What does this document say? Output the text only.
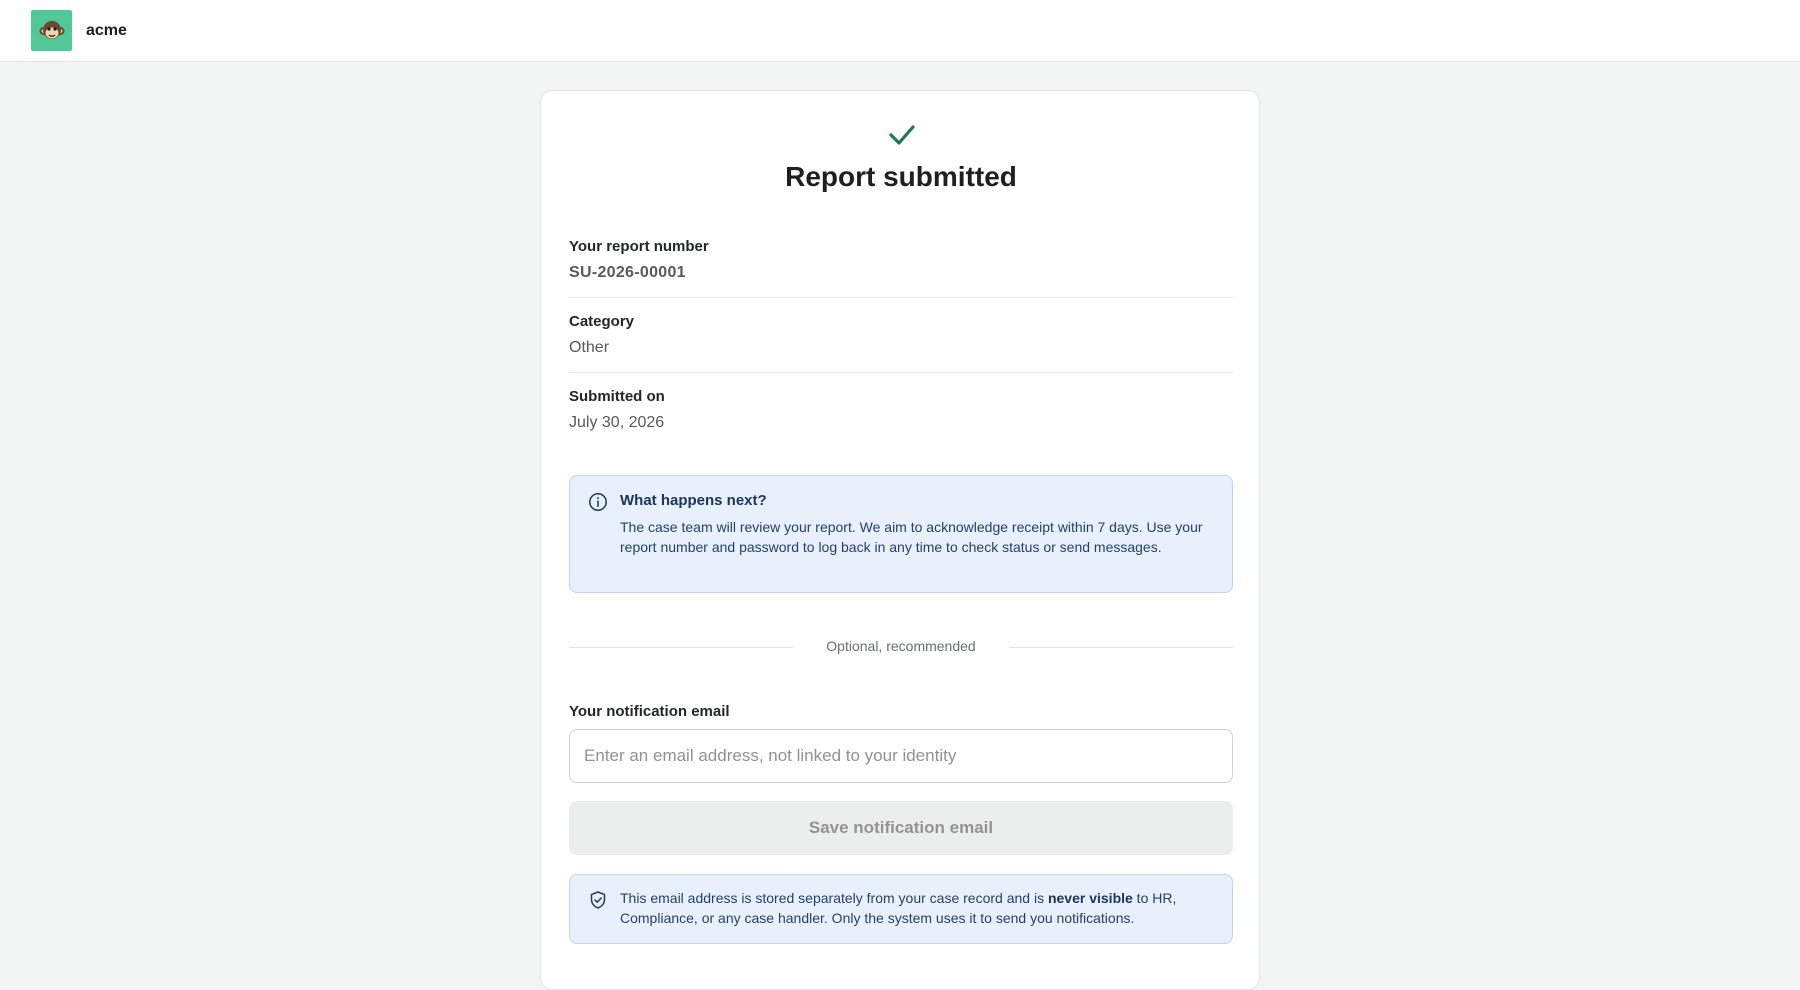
acme
Report submitted
Your report number
SU-2026-00001
Category
Other
Submitted on
July 30, 2026
What happens next?
The case team will review your report. We aim to acknowledge receipt within 7 days. Use your report number and password to log back in any time to check status or send messages.
Optional, recommended
Your notification email
Enter an email address, not linked to your identity
Save notification email
This email address is stored separately from your case record and is never visible to HR, Compliance, or any case handler. Only the system uses it to send you notifications.
